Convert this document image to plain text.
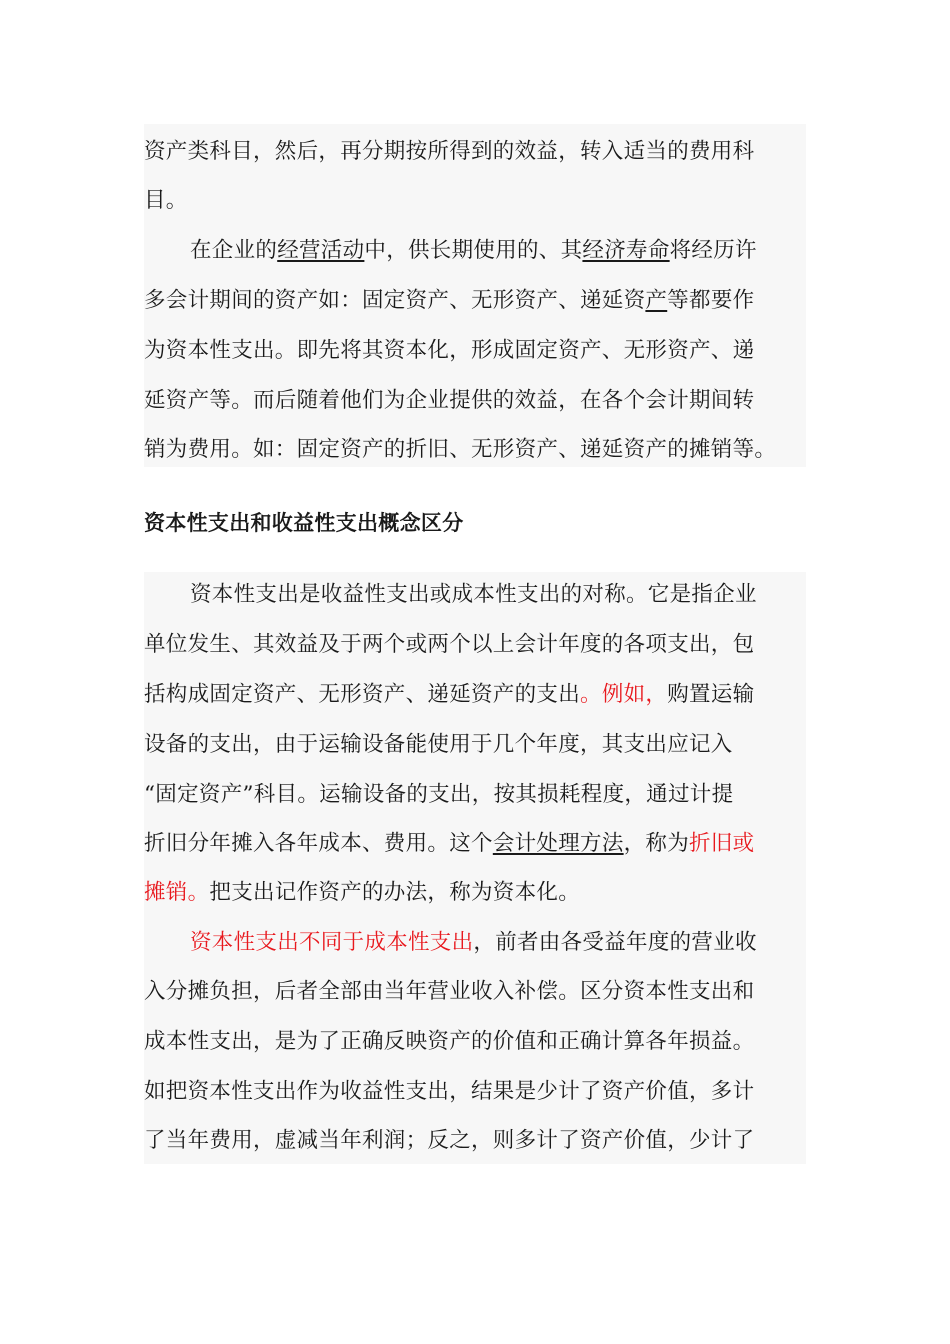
资产类科目，然后，再分期按所得到的效益，转入适当的费用科
目。
在企业的经营活动中，供长期使用的、其经济寿命将经历许
多会计期间的资产如：固定资产、无形资产、递延资产等都要作
为资本性支出。即先将其资本化，形成固定资产、无形资产、递
延资产等。而后随着他们为企业提供的效益，在各个会计期间转
销为费用。如：固定资产的折旧、无形资产、递延资产的摊销等。
资本性支出和收益性支出概念区分
资本性支出是收益性支出或成本性支出的对称。它是指企业
单位发生、其效益及于两个或两个以上会计年度的各项支出，包
括构成固定资产、无形资产、递延资产的支出。例如，购置运输
设备的支出，由于运输设备能使用于几个年度，其支出应记入
“固定资产”科目。运输设备的支出，按其损耗程度，通过计提
折旧分年摊入各年成本、费用。这个会计处理方法，称为折旧或
摊销。把支出记作资产的办法，称为资本化。
资本性支出不同于成本性支出，前者由各受益年度的营业收
入分摊负担，后者全部由当年营业收入补偿。区分资本性支出和
成本性支出，是为了正确反映资产的价值和正确计算各年损益。
如把资本性支出作为收益性支出，结果是少计了资产价值，多计
了当年费用，虚减当年利润；反之，则多计了资产价值，少计了
